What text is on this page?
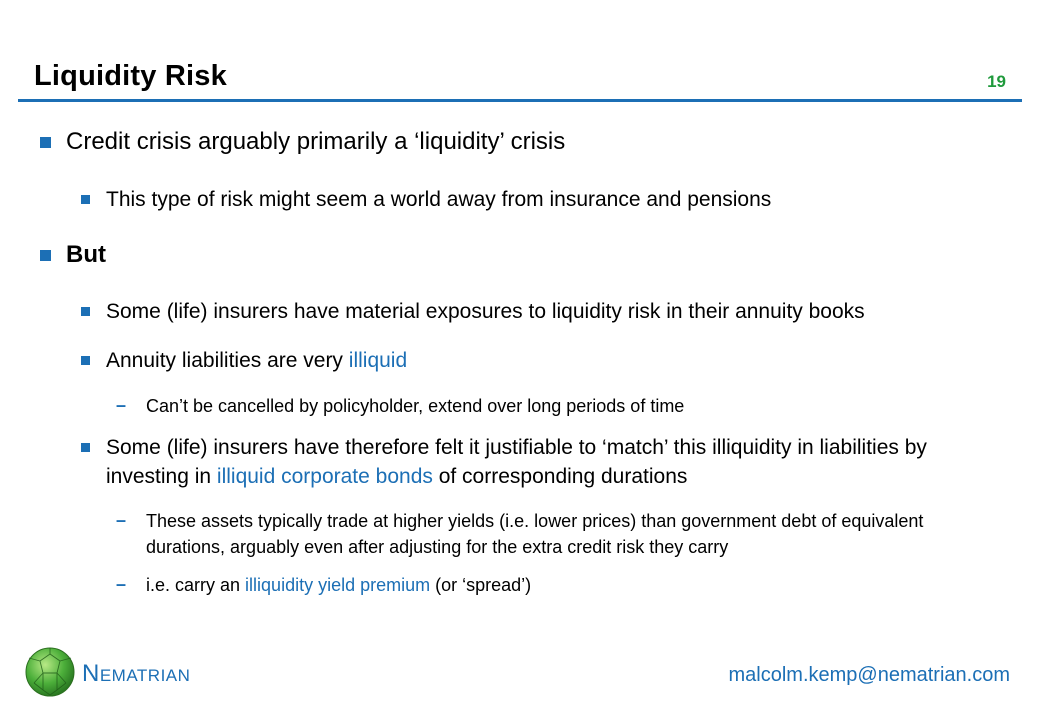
Liquidity Risk	19
Credit crisis arguably primarily a ‘liquidity’ crisis
This type of risk might seem a world away from insurance and pensions
But
Some (life) insurers have material exposures to liquidity risk in their annuity books
Annuity liabilities are very illiquid
– Can’t be cancelled by policyholder, extend over long periods of time
Some (life) insurers have therefore felt it justifiable to ‘match’ this illiquidity in liabilities by investing in illiquid corporate bonds of corresponding durations
– These assets typically trade at higher yields (i.e. lower prices) than government debt of equivalent durations, arguably even after adjusting for the extra credit risk they carry
– i.e. carry an illiquidity yield premium (or ‘spread’)
NEMATRIAN	malcolm.kemp@nematrian.com
